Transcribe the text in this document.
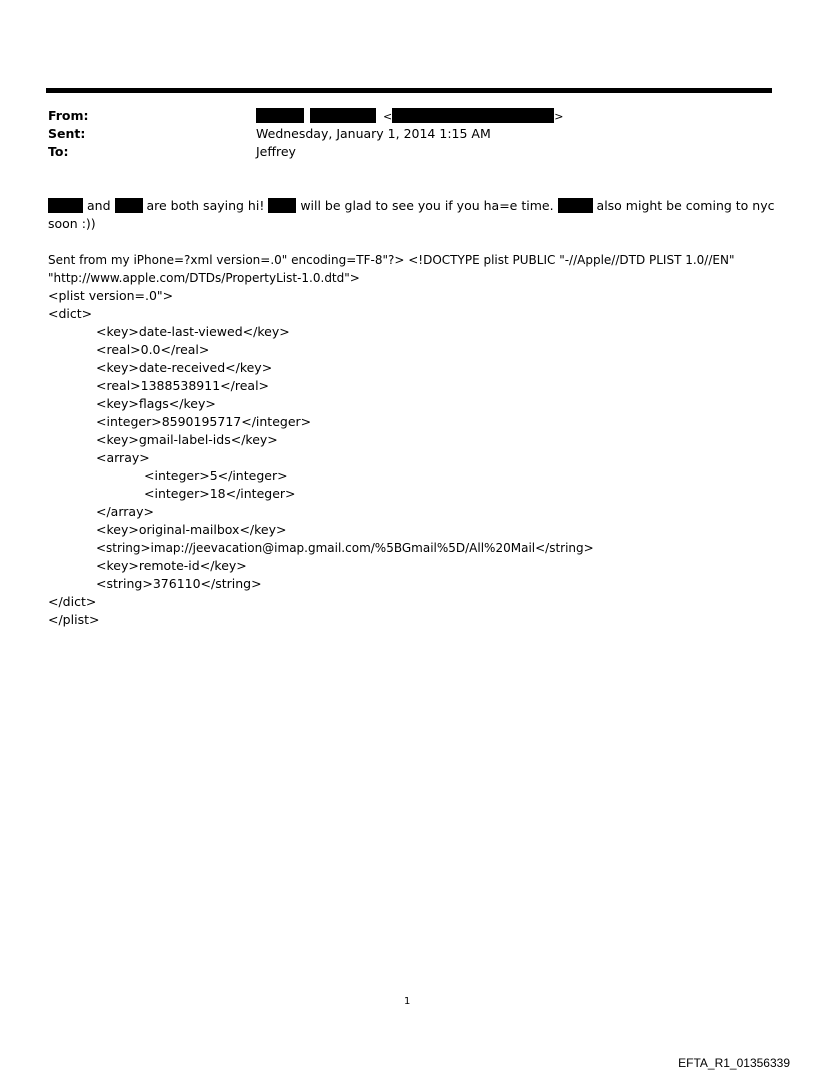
From:	<	>
Sent:	Wednesday, January 1, 2014 1:15 AM
To:	Jeffrey
and	are both saying hi!	will be glad to see you if you ha=e time.	also might be coming to nyc
soon :))
Sent from my iPhone=?xml version=.0" encoding=TF-8"?> <!DOCTYPE plist PUBLIC "-//Apple//DTD PLIST 1.0//EN"
"http://www.apple.com/DTDs/PropertyList-1.0.dtd">
<plist version=.0">
<dict>
<key>date-last-viewed</key>
<real>0.0</real>
<key>date-received</key>
<real>1388538911</real>
<key>flags</key>
<integer>8590195717</integer>
<key>gmail-label-ids</key>
<array>
<integer>5</integer>
<integer>18</integer>
</array>
<key>original-mailbox</key>
<string>imap://jeevacation@imap.gmail.com/%5BGmail%5D/All%20Mail</string>
<key>remote-id</key>
<string>376110</string>
</dict>
</plist>
1
EFTA_R1_01356339
